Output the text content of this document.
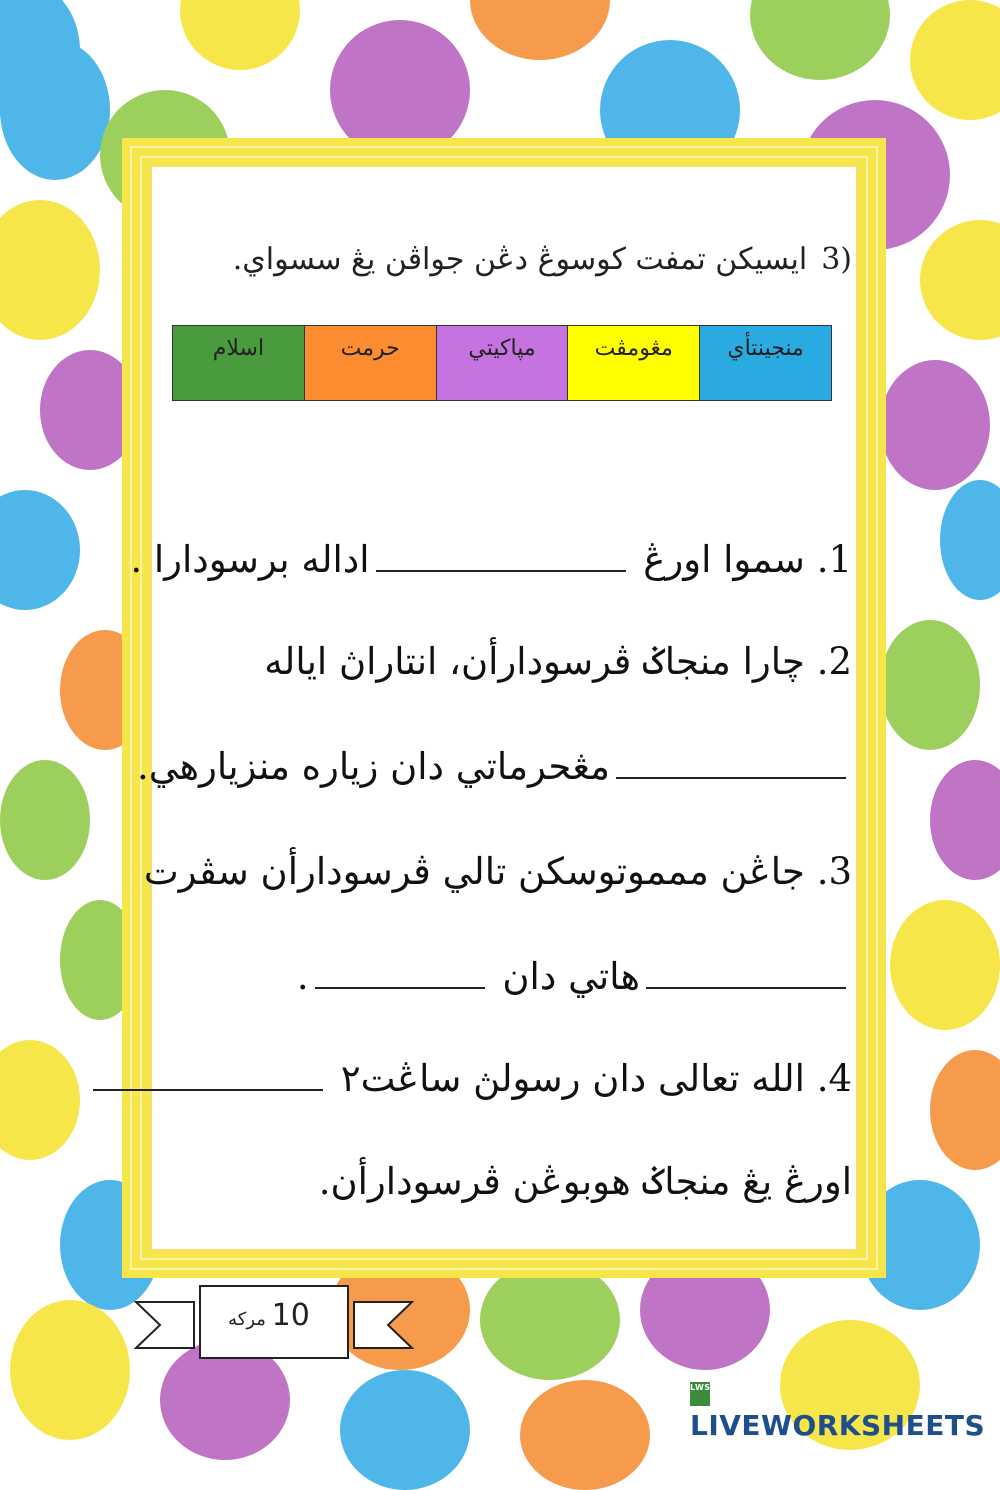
3)ايسيكن تمفت كوسوڠ دڠن جواڤن يڠ سسواي.
منجينتأي
مڠومڤت
مپاکيتي
حرمت
اسلام
1. سموا اورڠ اداله برسودارا .
2. چارا منجاݢ ڤرسودارأن، انتاراڽ اياله
مڠحرماتي دان زياره منزيارهي.
3. جاڠن ممموتوسكن تالي ڤرسودارأن سڤرت
هاتي دان .
4. الله تعالى دان رسولڽ ساڠت٢
اورڠ يڠ منجاݢ هوبوڠن ڤرسودارأن.
10 مركه
LWSLIVEWORKSHEETS
